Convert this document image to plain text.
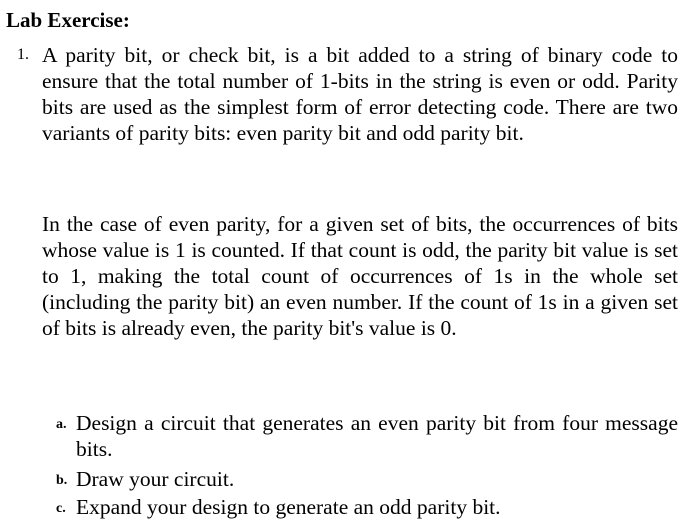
Lab Exercise:
1. A parity bit, or check bit, is a bit added to a string of binary code to ensure that the total number of 1-bits in the string is even or odd. Parity bits are used as the simplest form of error detecting code. There are two variants of parity bits: even parity bit and odd parity bit.

In the case of even parity, for a given set of bits, the occurrences of bits whose value is 1 is counted. If that count is odd, the parity bit value is set to 1, making the total count of occurrences of 1s in the whole set (including the parity bit) an even number. If the count of 1s in a given set of bits is already even, the parity bit's value is 0.

a. Design a circuit that generates an even parity bit from four message bits.

b. Draw your circuit.

c. Expand your design to generate an odd parity bit.
